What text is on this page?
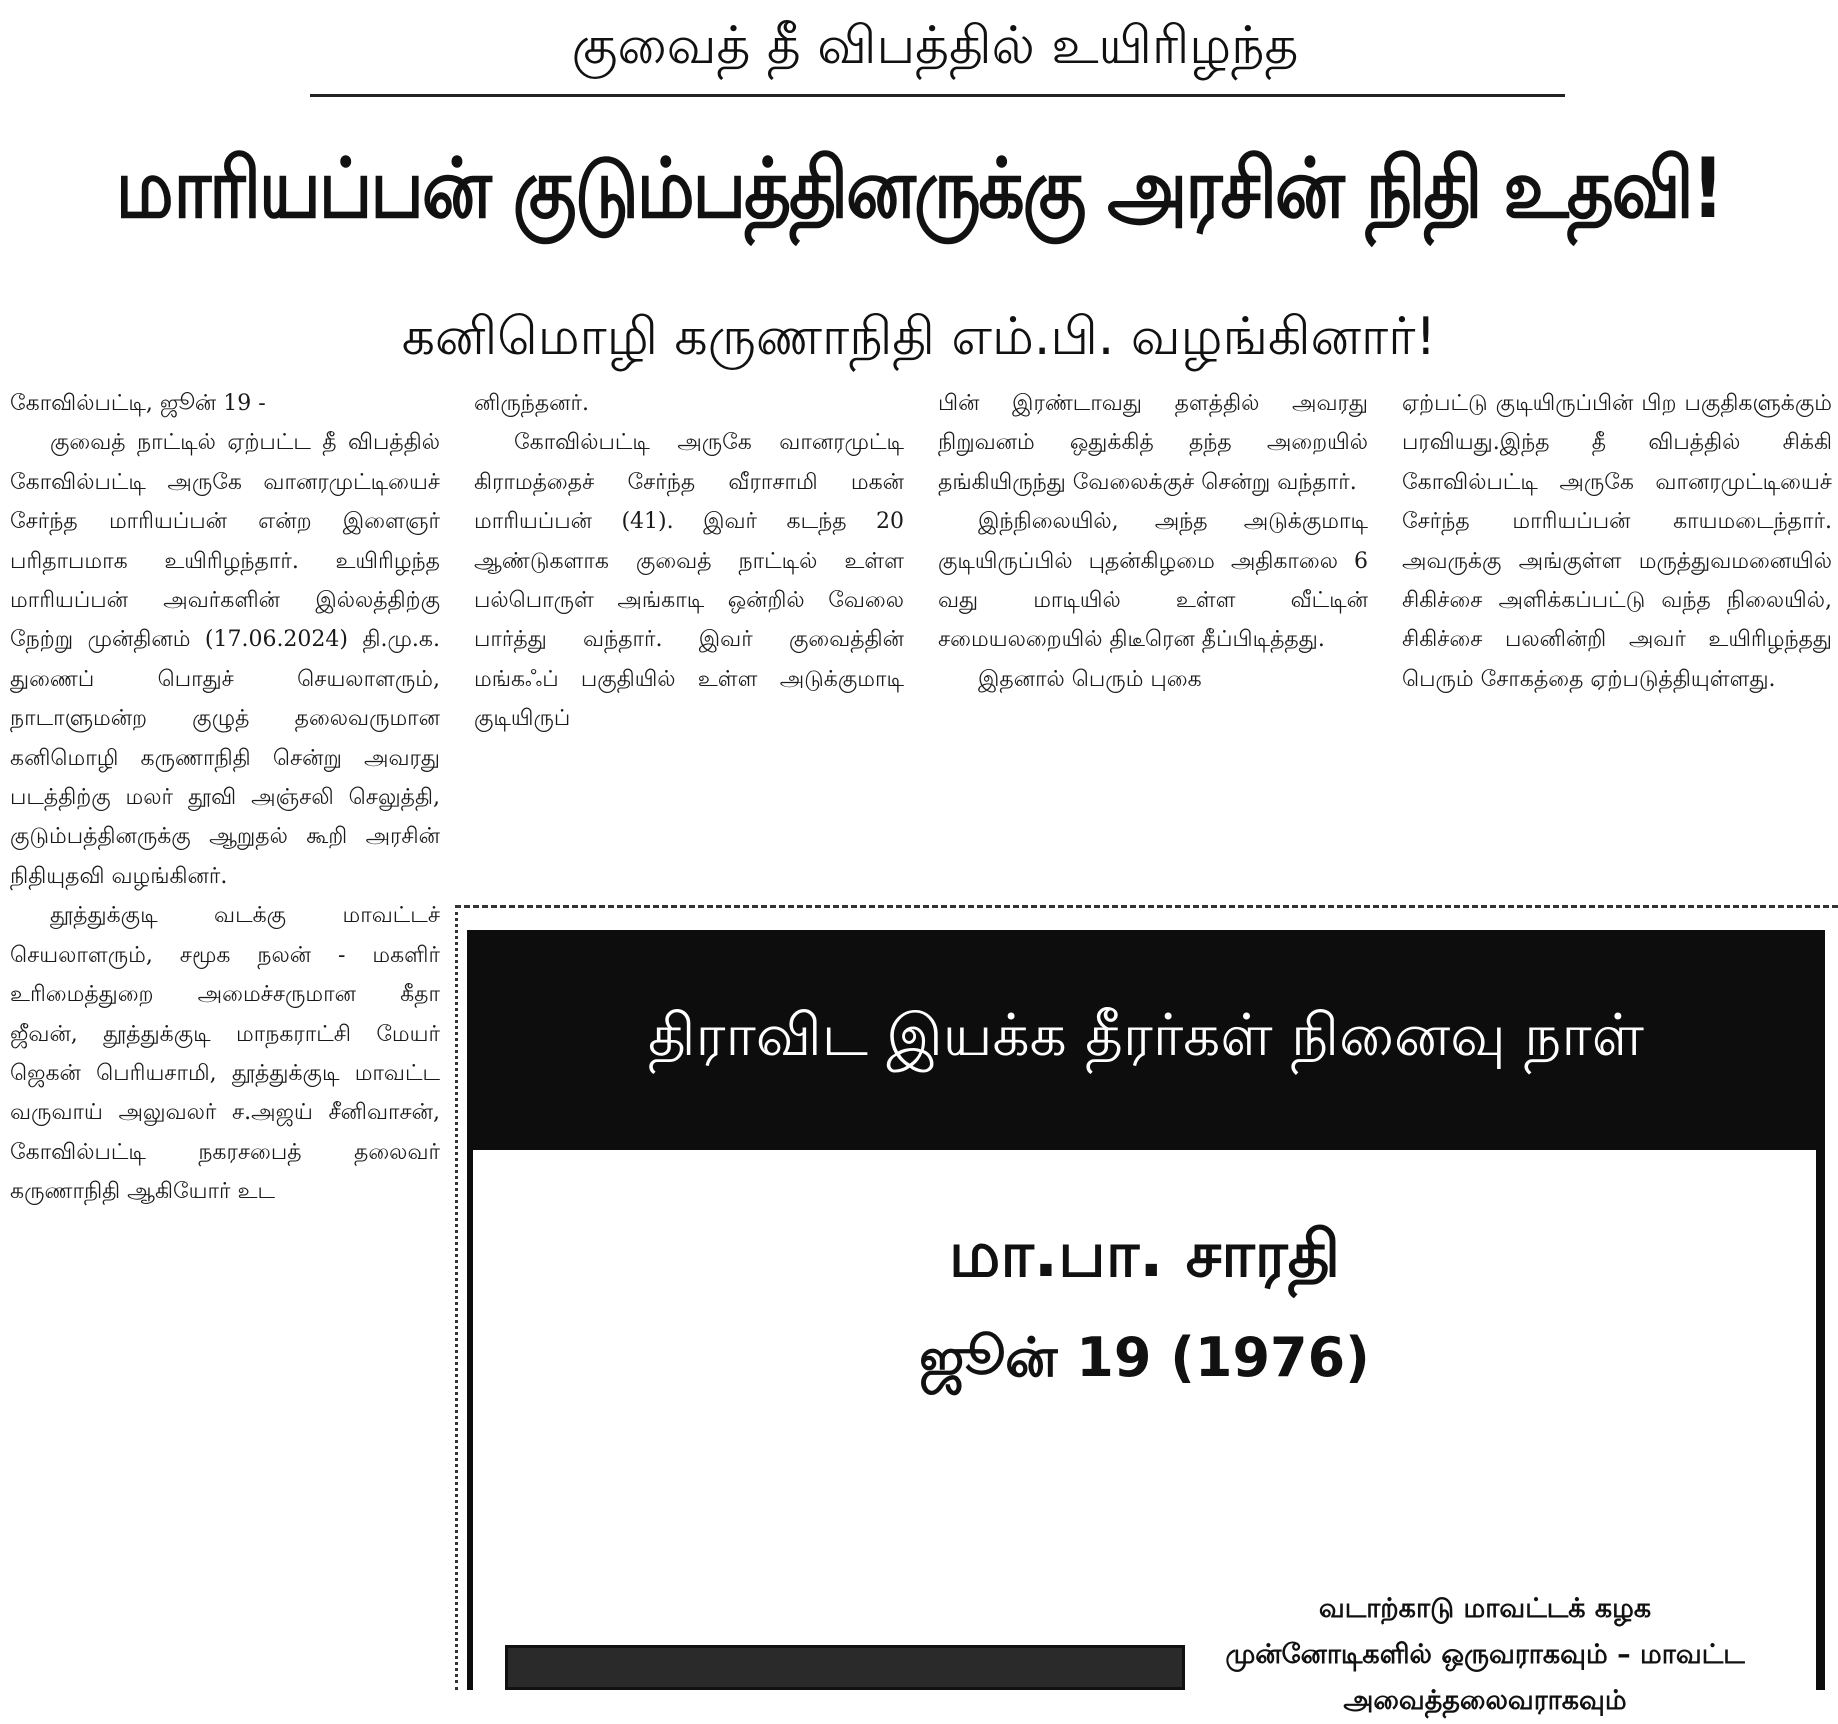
குவைத் தீ விபத்தில் உயிரிழந்த
மாரியப்பன் குடும்பத்தினருக்கு அரசின் நிதி உதவி!
கனிமொழி கருணாநிதி எம்.பி. வழங்கினார்!

கோவில்பட்டி, ஜூன் 19 -

குவைத் நாட்டில் ஏற்பட்ட தீ விபத்தில் கோவில்பட்டி அருகே வானரமுட்டியைச் சேர்ந்த மாரியப்பன் என்ற இளைஞர் பரிதாபமாக உயிரிழந்தார். உயிரிழந்த மாரியப்பன் அவர்களின் இல்லத்திற்கு நேற்று முன்தினம் (17.06.2024) தி.மு.க. துணைப் பொதுச் செயலாளரும், நாடாளுமன்ற குழுத் தலைவருமான கனிமொழி கருணாநிதி சென்று அவரது படத்திற்கு மலர் தூவி அஞ்சலி செலுத்தி, குடும்பத்தினருக்கு ஆறுதல் கூறி அரசின் நிதியுதவி வழங்கினர்.

தூத்துக்குடி வடக்கு மாவட்டச் செயலாளரும், சமூக நலன் - மகளிர் உரிமைத்துறை அமைச்சருமான கீதா ஜீவன், தூத்துக்குடி மாநகராட்சி மேயர் ஜெகன் பெரியசாமி, தூத்துக்குடி மாவட்ட வருவாய் அலுவலர் ச.அஜய் சீனிவாசன், கோவில்பட்டி நகரசபைத் தலைவர் கருணாநிதி ஆகியோர் உட

னிருந்தனர்.

கோவில்பட்டி அருகே வானரமுட்டி கிராமத்தைச் சேர்ந்த வீராசாமி மகன் மாரியப்பன் (41). இவர் கடந்த 20 ஆண்டுகளாக குவைத் நாட்டில் உள்ள பல்பொருள் அங்காடி ஒன்றில் வேலை பார்த்து வந்தார். இவர் குவைத்தின் மங்கஃப் பகுதியில் உள்ள அடுக்குமாடி குடியிருப்

பின் இரண்டாவது தளத்தில் அவரது நிறுவனம் ஒதுக்கித் தந்த அறையில் தங்கியிருந்து வேலைக்குச் சென்று வந்தார்.

இந்நிலையில், அந்த அடுக்குமாடி குடியிருப்பில் புதன்கிழமை அதிகாலை 6 வது மாடியில் உள்ள வீட்டின் சமையலறையில் திடீரென தீப்பிடித்தது.

இதனால் பெரும் புகை

ஏற்பட்டு குடியிருப்பின் பிற பகுதிகளுக்கும் பரவியது.இந்த தீ விபத்தில் சிக்கி கோவில்பட்டி அருகே வானரமுட்டியைச் சேர்ந்த மாரியப்பன் காயமடைந்தார். அவருக்கு அங்குள்ள மருத்துவமனையில் சிகிச்சை அளிக்கப்பட்டு வந்த நிலையில், சிகிச்சை பலனின்றி அவர் உயிரிழந்தது பெரும் சோகத்தை ஏற்படுத்தியுள்ளது.

திராவிட இயக்க தீரர்கள் நினைவு நாள்
மா.பா. சாரதி
ஜூன் 19 (1976)
வடாற்காடு மாவட்டக் கழக முன்னோடிகளில் ஒருவராகவும் – மாவட்ட அவைத்தலைவராகவும்
